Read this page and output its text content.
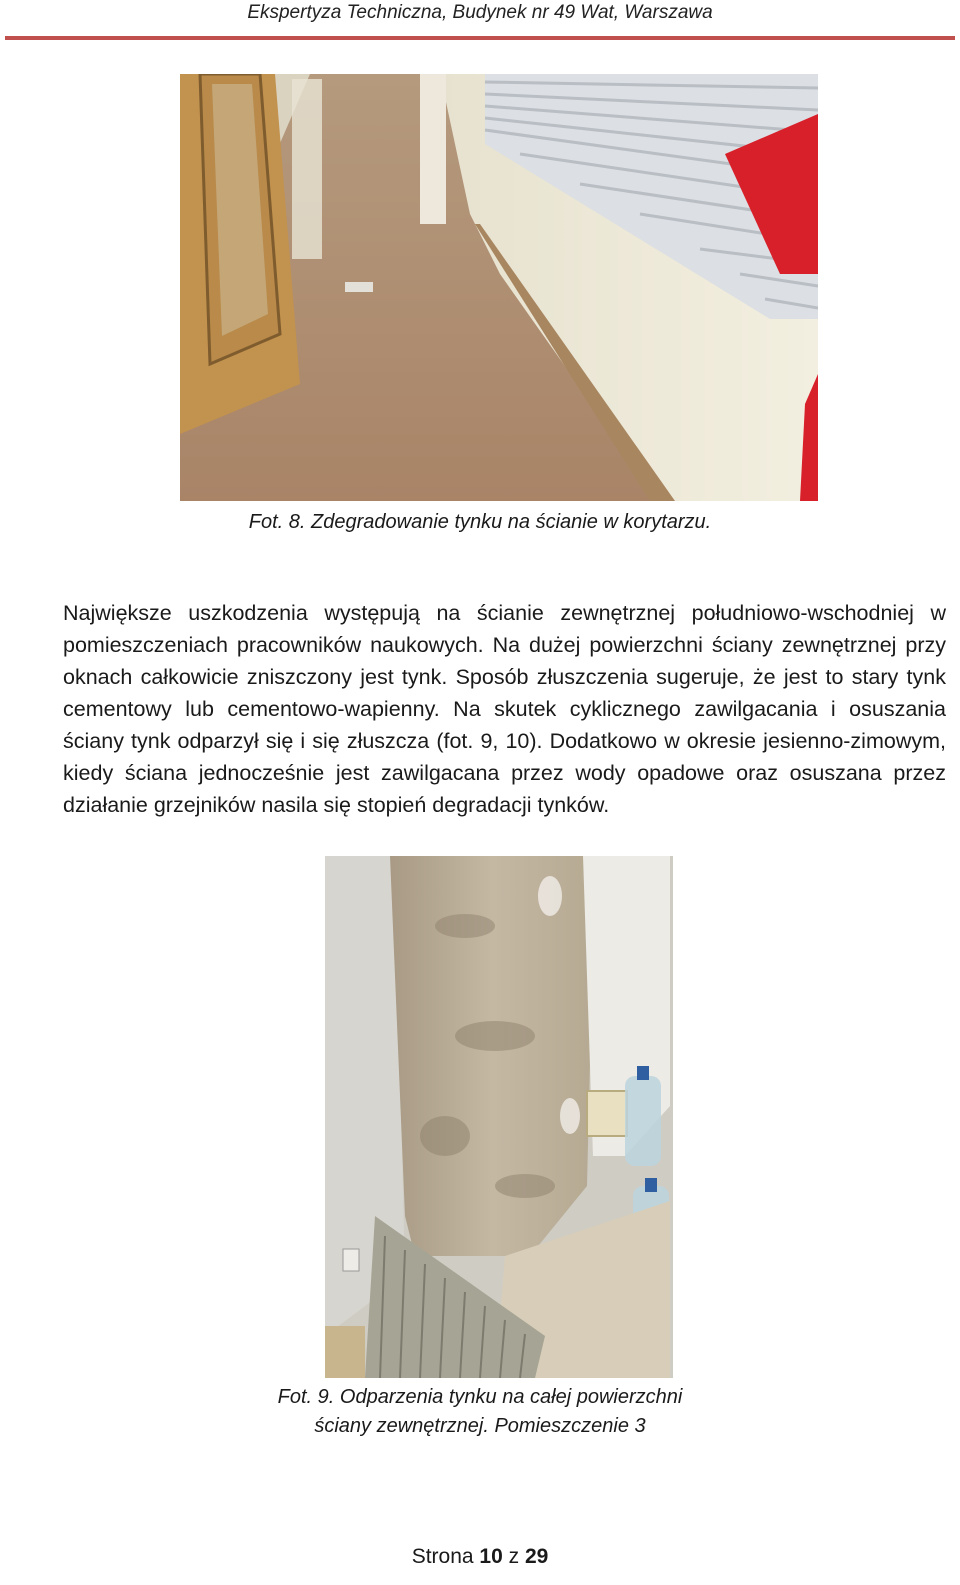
Ekspertyza Techniczna, Budynek nr 49 Wat, Warszawa
Fot. 8. Zdegradowanie tynku na ścianie w korytarzu.

Największe uszkodzenia występują na ścianie zewnętrznej południowo-wschodniej w pomieszczeniach pracowników naukowych. Na dużej powierzchni ściany zewnętrznej przy oknach całkowicie zniszczony jest tynk. Sposób złuszczenia sugeruje, że jest to stary tynk cementowy lub cementowo-wapienny. Na skutek cyklicznego zawilgacania i osuszania ściany tynk odparzył się i się złuszcza (fot. 9, 10). Dodatkowo w okresie jesienno-zimowym, kiedy ściana jednocześnie jest zawilgacana przez wody opadowe oraz osuszana przez działanie grzejników nasila się stopień degradacji tynków.

Fot. 9. Odparzenia tynku na całej powierzchni
ściany zewnętrznej. Pomieszczenie 3
Strona 10 z 29
